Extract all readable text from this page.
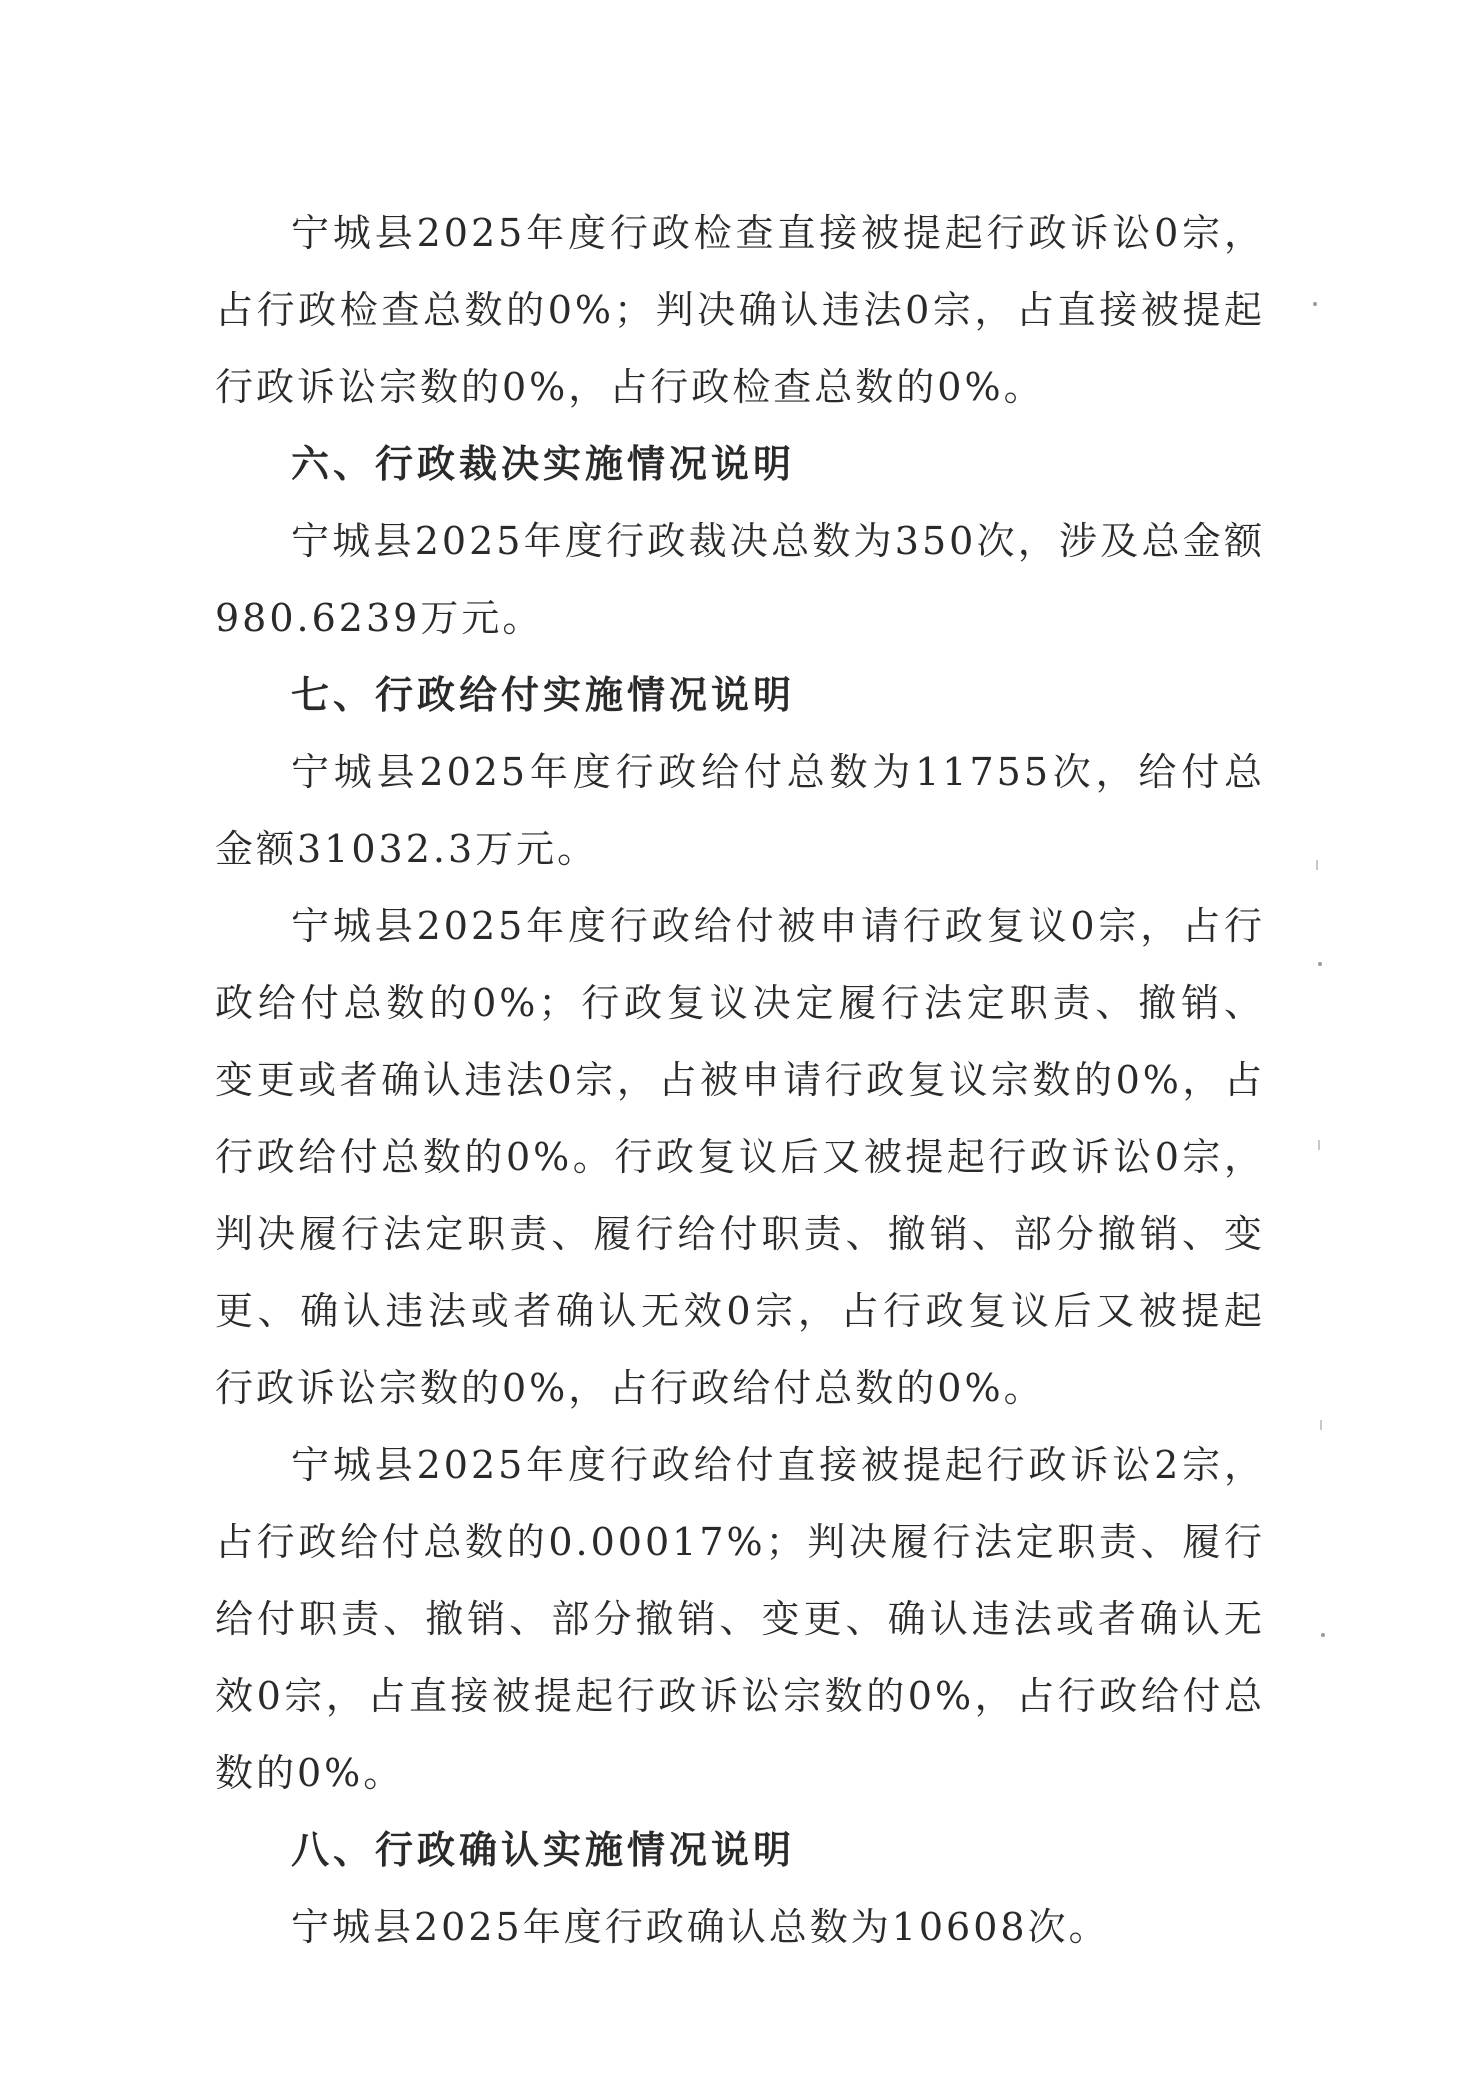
宁城县2025年度行政检查直接被提起行政诉讼0宗，占行政检查总数的0%；判决确认违法0宗，占直接被提起行政诉讼宗数的0%，占行政检查总数的0%。

六、行政裁决实施情况说明

宁城县2025年度行政裁决总数为350次，涉及总金额980.6239万元。

七、行政给付实施情况说明

宁城县2025年度行政给付总数为11755次，给付总金额31032.3万元。

宁城县2025年度行政给付被申请行政复议0宗，占行政给付总数的0%；行政复议决定履行法定职责、撤销、变更或者确认违法0宗，占被申请行政复议宗数的0%，占行政给付总数的0%。行政复议后又被提起行政诉讼0宗，判决履行法定职责、履行给付职责、撤销、部分撤销、变更、确认违法或者确认无效0宗，占行政复议后又被提起行政诉讼宗数的0%，占行政给付总数的0%。

宁城县2025年度行政给付直接被提起行政诉讼2宗，占行政给付总数的0.00017%；判决履行法定职责、履行给付职责、撤销、部分撤销、变更、确认违法或者确认无效0宗，占直接被提起行政诉讼宗数的0%，占行政给付总数的0%。

八、行政确认实施情况说明

宁城县2025年度行政确认总数为10608次。
